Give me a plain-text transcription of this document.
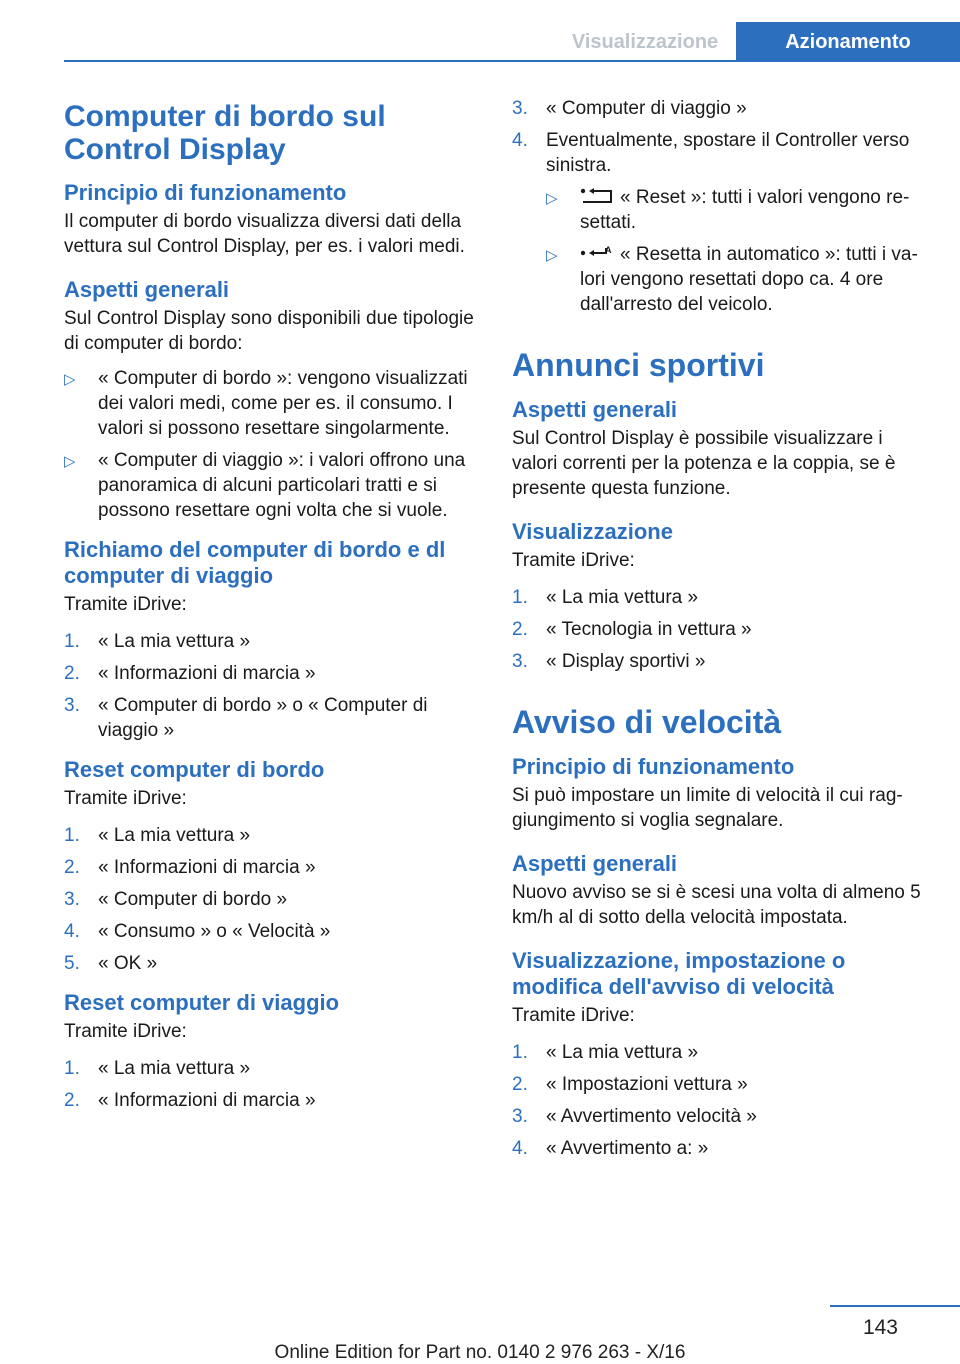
Visualizzazione	Azionamento
Computer di bordo sul Control Display
Principio di funzionamento
Il computer di bordo visualizza diversi dati della vettura sul Control Display, per es. i valori medi.
Aspetti generali
Sul Control Display sono disponibili due tipologie di computer di bordo:
▷	« Computer di bordo »: vengono visualizzati dei valori medi, come per es. il consumo. I valori si possono resettare singolarmente.
▷	« Computer di viaggio »: i valori offrono una panoramica di alcuni particolari tratti e si possono resettare ogni volta che si vuole.
Richiamo del computer di bordo e dl computer di viaggio
Tramite iDrive:
1. « La mia vettura »
2. « Informazioni di marcia »
3. « Computer di bordo » o « Computer di viaggio »
Reset computer di bordo
Tramite iDrive:
1. « La mia vettura »
2. « Informazioni di marcia »
3. « Computer di bordo »
4. « Consumo » o « Velocità »
5. « OK »
Reset computer di viaggio
Tramite iDrive:
1. « La mia vettura »
2. « Informazioni di marcia »
3. « Computer di viaggio »
4. Eventualmente, spostare il Controller verso sinistra.
▷	« Reset »: tutti i valori vengono resettati.
▷	A « Resetta in automatico »: tutti i valori vengono resettati dopo ca. 4 ore dall'arresto del veicolo.
Annunci sportivi
Aspetti generali
Sul Control Display è possibile visualizzare i valori correnti per la potenza e la coppia, se è presente questa funzione.
Visualizzazione
Tramite iDrive:
1. « La mia vettura »
2. « Tecnologia in vettura »
3. « Display sportivi »
Avviso di velocità
Principio di funzionamento
Si può impostare un limite di velocità il cui raggiungimento si voglia segnalare.
Aspetti generali
Nuovo avviso se si è scesi una volta di almeno 5 km/h al di sotto della velocità impostata.
Visualizzazione, impostazione o modifica dell'avviso di velocità
Tramite iDrive:
1. « La mia vettura »
2. « Impostazioni vettura »
3. « Avvertimento velocità »
4. « Avvertimento a: »
143
Online Edition for Part no. 0140 2 976 263 - X/16
